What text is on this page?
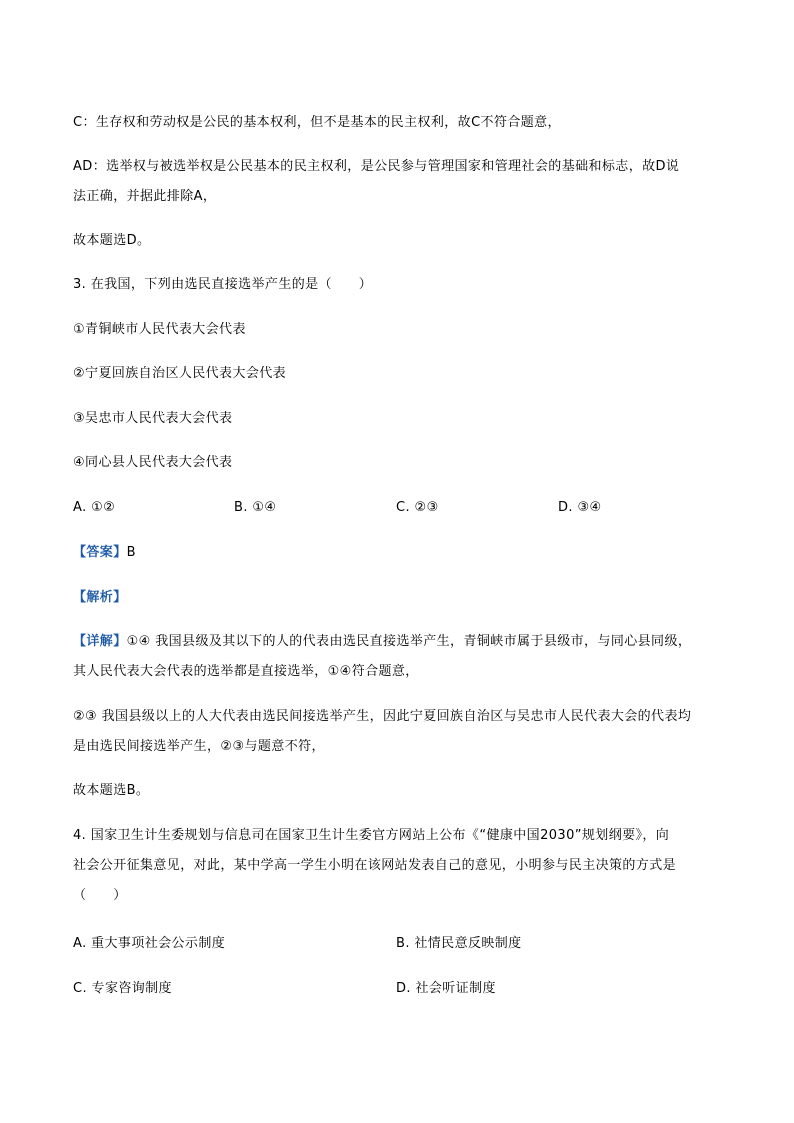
C：生存权和劳动权是公民的基本权利，但不是基本的民主权利，故C不符合题意，
AD：选举权与被选举权是公民基本的民主权利，是公民参与管理国家和管理社会的基础和标志，故D说
法正确，并据此排除A，
故本题选D。
3. 在我国，下列由选民直接选举产生的是（　　）
①青铜峡市人民代表大会代表
②宁夏回族自治区人民代表大会代表
③吴忠市人民代表大会代表
④同心县人民代表大会代表
A. ①②	B. ①④	C. ②③	D. ③④
【答案】B
【解析】
【详解】①④ 我国县级及其以下的人的代表由选民直接选举产生，青铜峡市属于县级市，与同心县同级，
其人民代表大会代表的选举都是直接选举，①④符合题意，
②③ 我国县级以上的人大代表由选民间接选举产生，因此宁夏回族自治区与吴忠市人民代表大会的代表均
是由选民间接选举产生，②③与题意不符，
故本题选B。
4. 国家卫生计生委规划与信息司在国家卫生计生委官方网站上公布《“健康中国2030”规划纲要》，向
社会公开征集意见，对此，某中学高一学生小明在该网站发表自己的意见，小明参与民主决策的方式是
（　　）
A. 重大事项社会公示制度	B. 社情民意反映制度
C. 专家咨询制度	D. 社会听证制度
